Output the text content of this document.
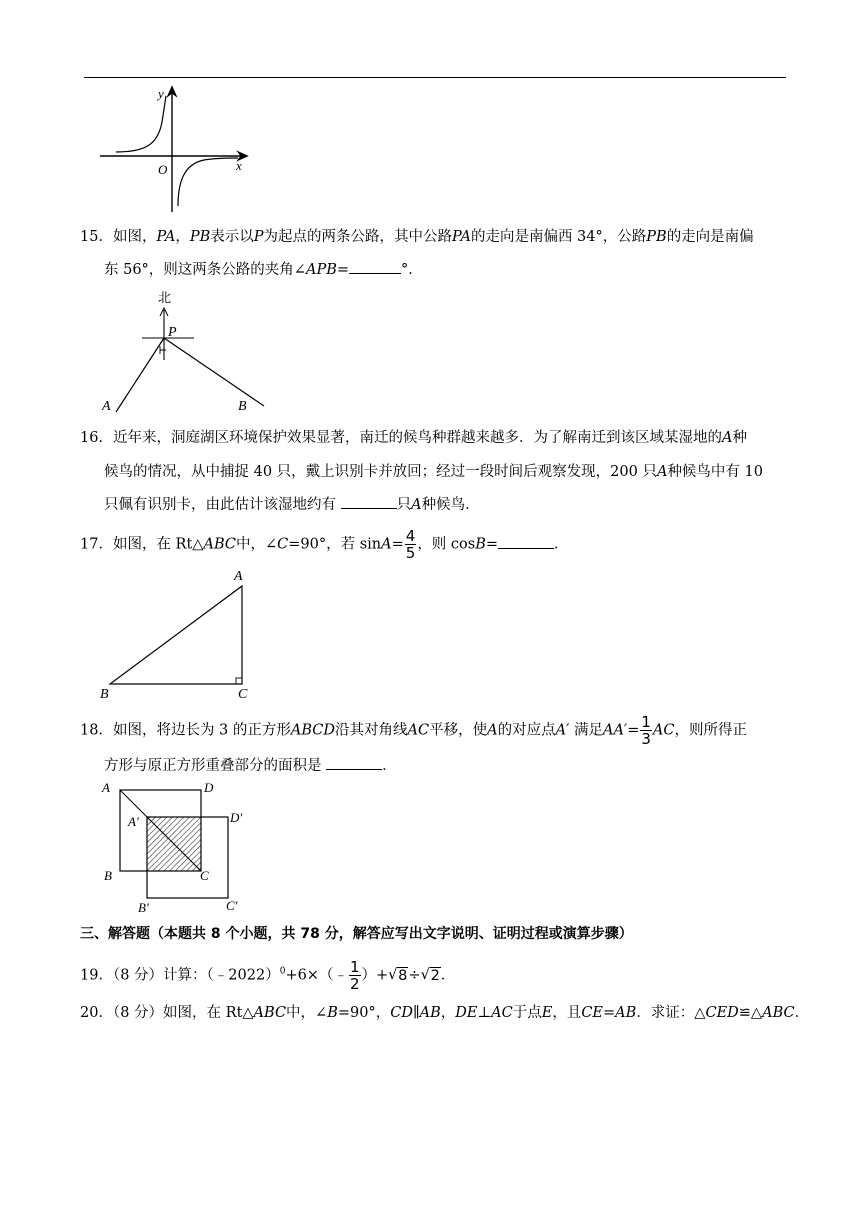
y
O	x
15．如图，PA，PB表示以P为起点的两条公路，其中公路PA的走向是南偏西 34°，公路PB的走向是南偏
东 56°，则这两条公路的夹角∠APB=	°．
北
P
A	B
16．近年来，洞庭湖区环境保护效果显著，南迁的候鸟种群越来越多．为了解南迁到该区域某湿地的A种
候鸟的情况，从中捕捉 40 只，戴上识别卡并放回；经过一段时间后观察发现，200 只A种候鸟中有 10
只佩有识别卡，由此估计该湿地约有	只A种候鸟．
17．如图，在 Rt△ABC中，∠C=90°，若 $\sin A= \frac{4}{5}$ ，则 cosB=	．
A
B	C
18．如图，将边长为 3 的正方形ABCD沿其对角线AC平移，使A的对应点A′ 满足$AA'= \frac{1}{3}$ AC，则所得正
方形与原正方形重叠部分的面积是	．
A	D
A′	D′
B	C
B′	C′
三、解答题（本题共 8 个小题，共 78 分，解答应写出文字说明、证明过程或演算步骤）
19．（8 分）计算：（﹣2022）$^0$+6×（﹣ $\frac{1}{2}$ ）+ √ 8÷ √ 2．
20．（8 分）如图，在 Rt△ABC中，∠B=90°，CD∥AB，DE⊥AC于点E，且CE=AB．求证：△CED≌△ABC．
